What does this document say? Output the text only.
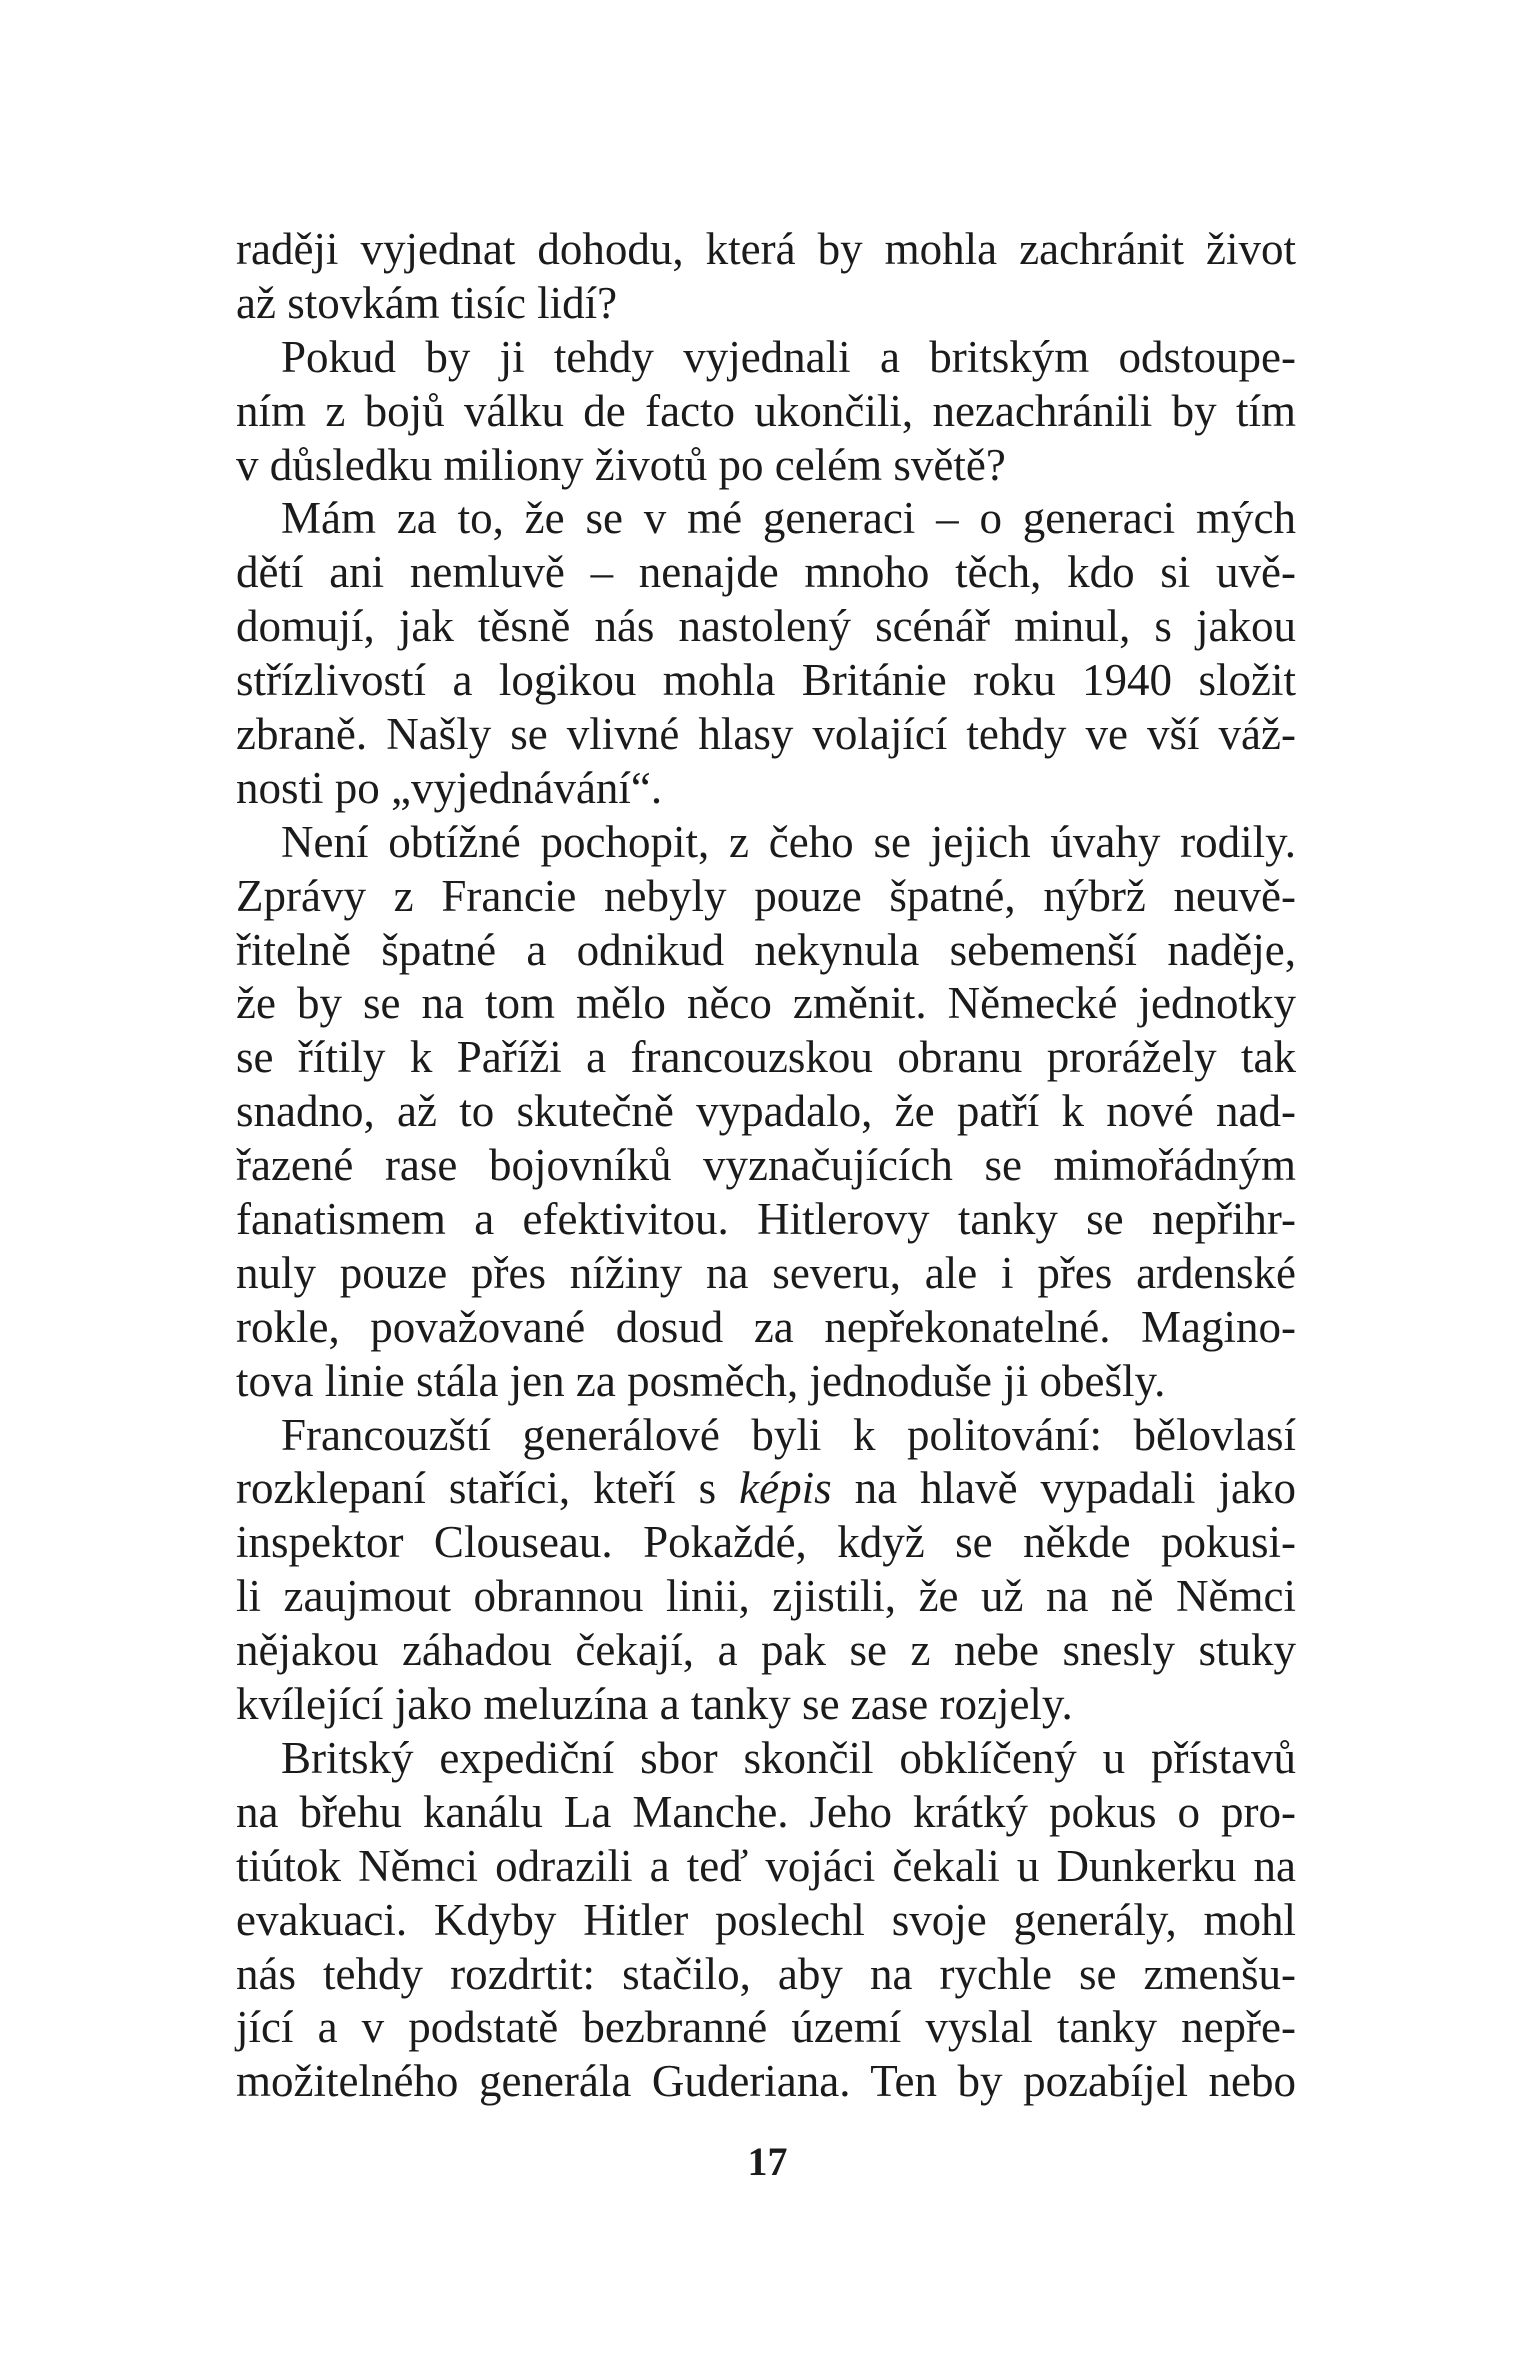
raději vyjednat dohodu, která by mohla zachránit život
až stovkám tisíc lidí?
Pokud by ji tehdy vyjednali a britským odstoupe-
ním z bojů válku de facto ukončili, nezachránili by tím
v důsledku miliony životů po celém světě?
Mám za to, že se v mé generaci – o generaci mých
dětí ani nemluvě – nenajde mnoho těch, kdo si uvě-
domují, jak těsně nás nastolený scénář minul, s jakou
střízlivostí a logikou mohla Británie roku 1940 složit
zbraně. Našly se vlivné hlasy volající tehdy ve vší váž-
nosti po „vyjednávání“.
Není obtížné pochopit, z čeho se jejich úvahy rodily.
Zprávy z Francie nebyly pouze špatné, nýbrž neuvě-
řitelně špatné a odnikud nekynula sebemenší naděje,
že by se na tom mělo něco změnit. Německé jednotky
se řítily k Paříži a francouzskou obranu prorážely tak
snadno, až to skutečně vypadalo, že patří k nové nad-
řazené rase bojovníků vyznačujících se mimořádným
fanatismem a efektivitou. Hitlerovy tanky se nepřihr-
nuly pouze přes nížiny na severu, ale i přes ardenské
rokle, považované dosud za nepřekonatelné. Magino-
tova linie stála jen za posměch, jednoduše ji obešly.
Francouzští generálové byli k politování: bělovlasí
rozklepaní staříci, kteří s képis na hlavě vypadali jako
inspektor Clouseau. Pokaždé, když se někde pokusi-
li zaujmout obrannou linii, zjistili, že už na ně Němci
nějakou záhadou čekají, a pak se z nebe snesly stuky
kvílející jako meluzína a tanky se zase rozjely.
Britský expediční sbor skončil obklíčený u přístavů
na břehu kanálu La Manche. Jeho krátký pokus o pro-
tiútok Němci odrazili a teď vojáci čekali u Dunkerku na
evakuaci. Kdyby Hitler poslechl svoje generály, mohl
nás tehdy rozdrtit: stačilo, aby na rychle se zmenšu-
jící a v podstatě bezbranné území vyslal tanky nepře-
možitelného generála Guderiana. Ten by pozabíjel nebo
17
